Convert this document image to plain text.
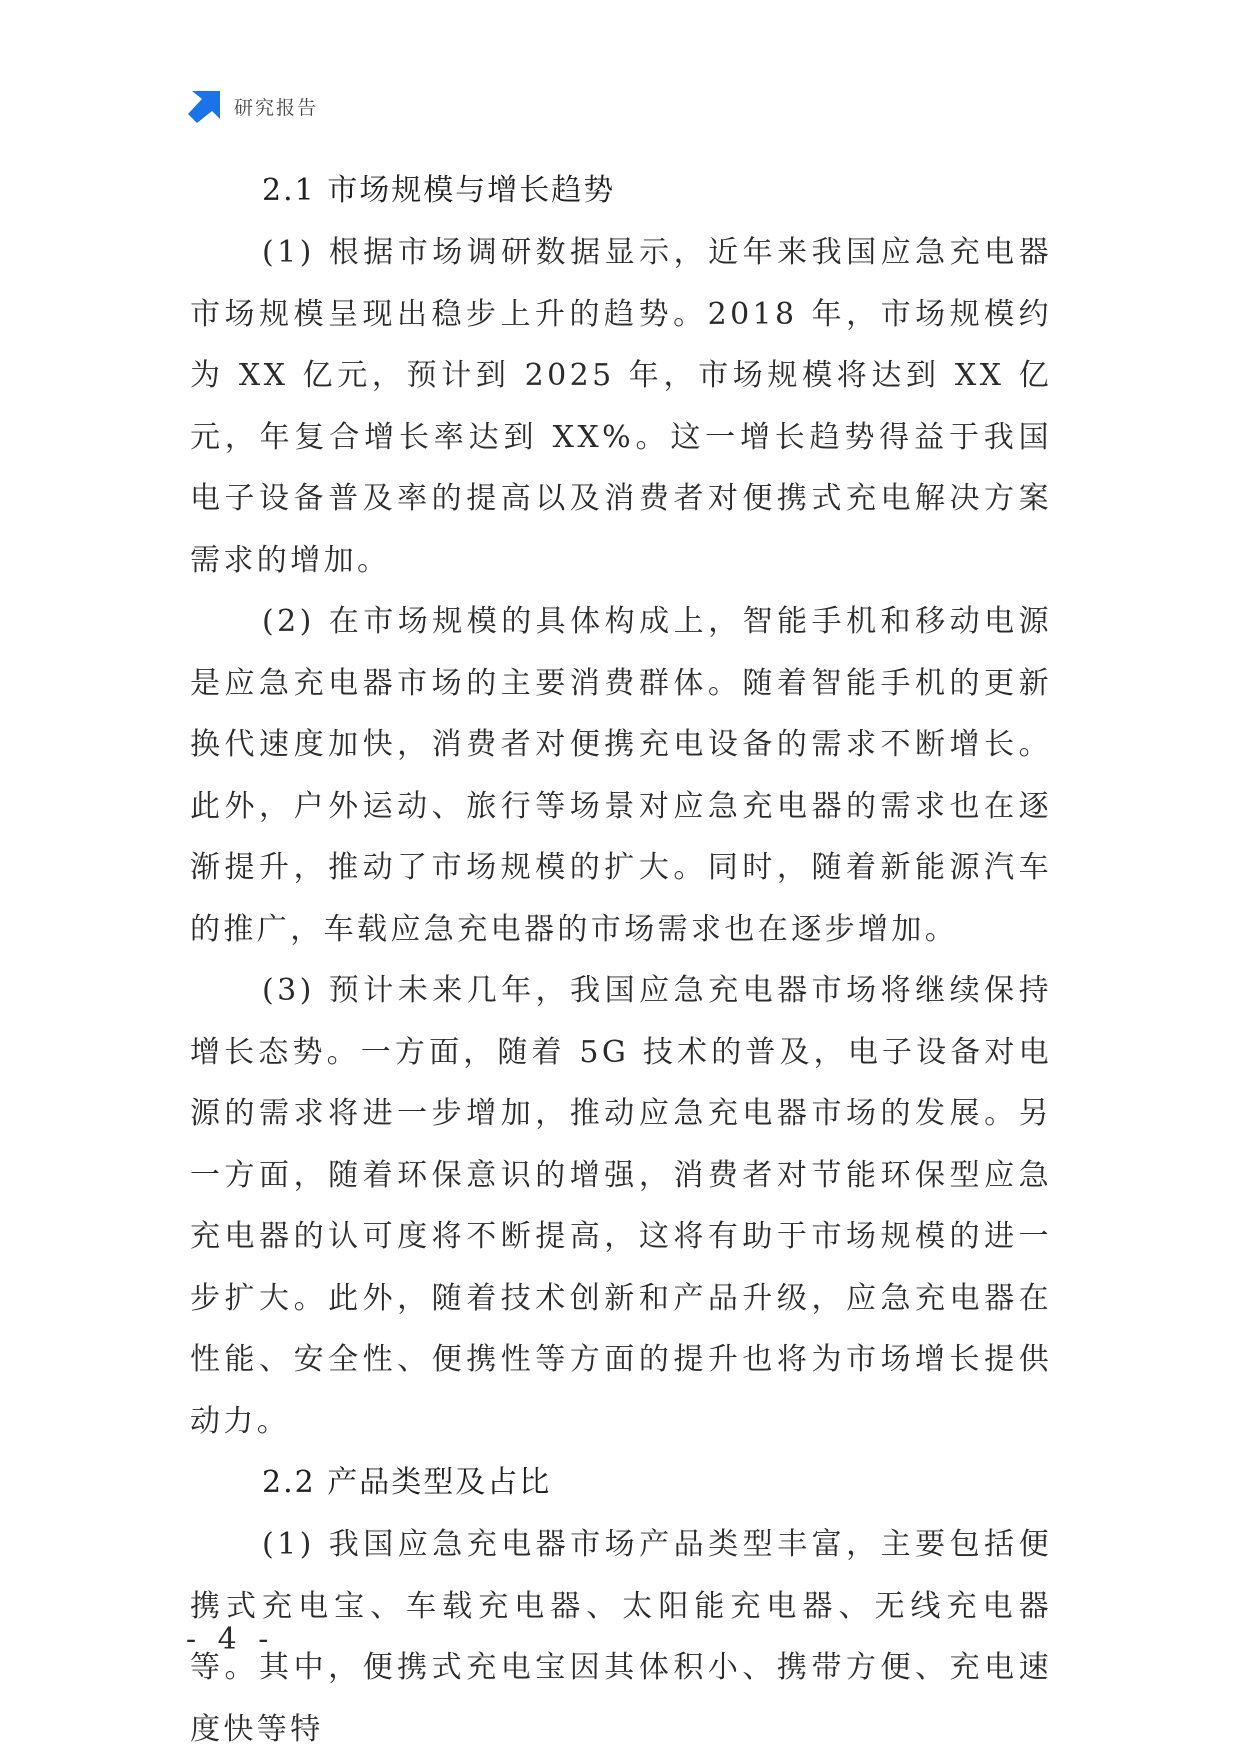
研究报告
2.1 市场规模与增长趋势

(1) 根据市场调研数据显示，近年来我国应急充电器市场规模呈现出稳步上升的趋势。2018 年，市场规模约为 XX 亿元，预计到 2025 年，市场规模将达到 XX 亿元，年复合增长率达到 XX%。这一增长趋势得益于我国电子设备普及率的提高以及消费者对便携式充电解决方案需求的增加。

(2) 在市场规模的具体构成上，智能手机和移动电源是应急充电器市场的主要消费群体。随着智能手机的更新换代速度加快，消费者对便携充电设备的需求不断增长。此外，户外运动、旅行等场景对应急充电器的需求也在逐渐提升，推动了市场规模的扩大。同时，随着新能源汽车的推广，车载应急充电器的市场需求也在逐步增加。

(3) 预计未来几年，我国应急充电器市场将继续保持增长态势。一方面，随着 5G 技术的普及，电子设备对电源的需求将进一步增加，推动应急充电器市场的发展。另一方面，随着环保意识的增强，消费者对节能环保型应急充电器的认可度将不断提高，这将有助于市场规模的进一步扩大。此外，随着技术创新和产品升级，应急充电器在性能、安全性、便携性等方面的提升也将为市场增长提供动力。

2.2 产品类型及占比

(1) 我国应急充电器市场产品类型丰富，主要包括便携式充电宝、车载充电器、太阳能充电器、无线充电器等。其中，便携式充电宝因其体积小、携带方便、充电速度快等特

- 4 -
